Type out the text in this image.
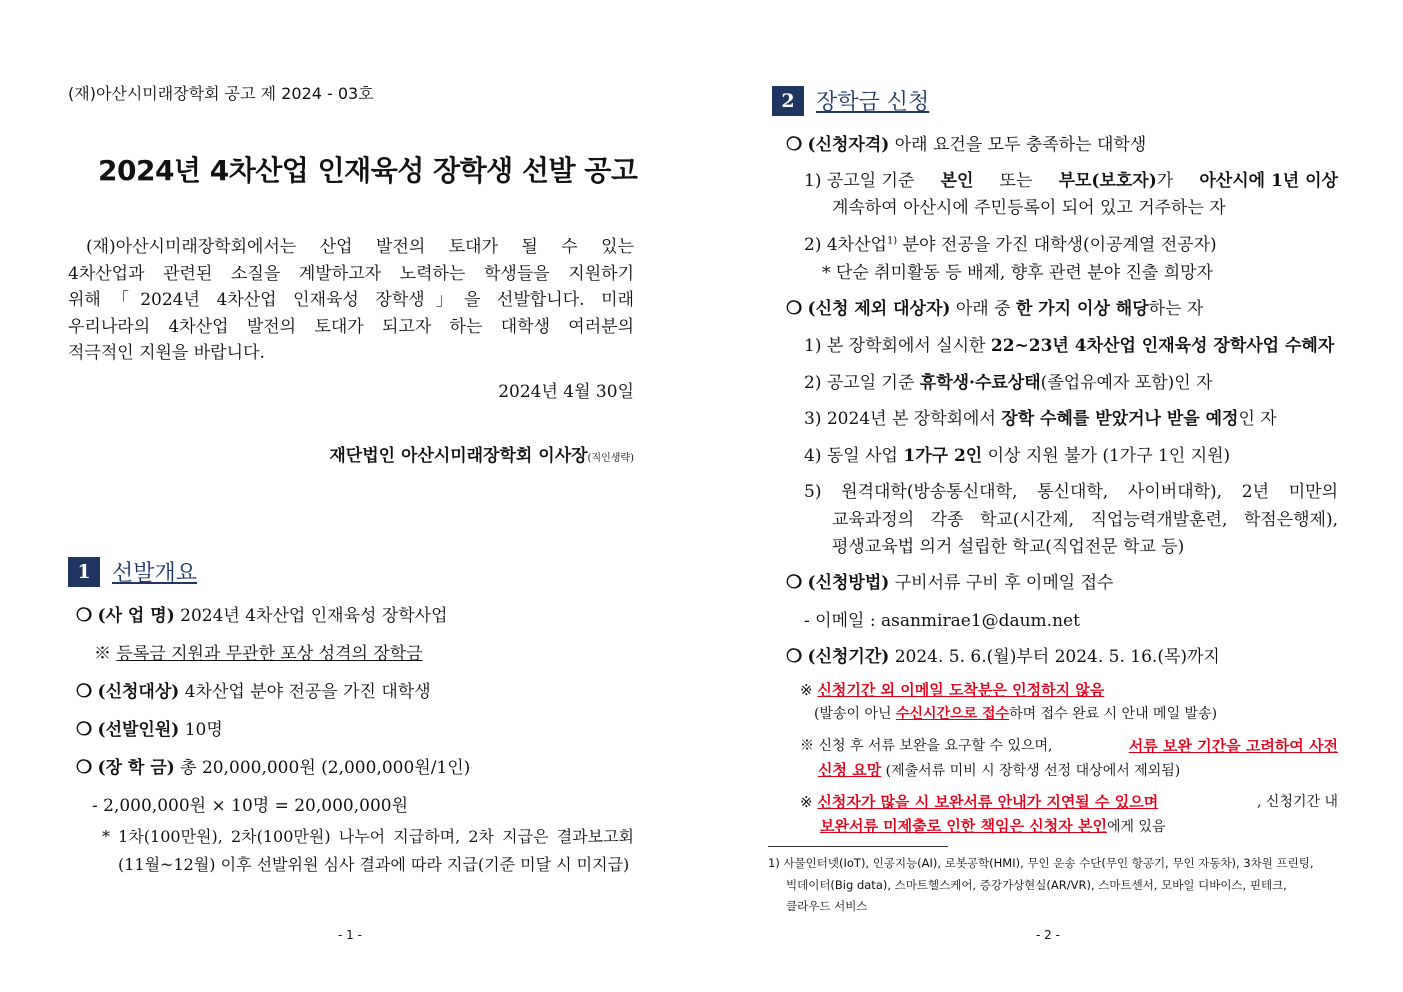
(재)아산시미래장학회 공고 제 2024 - 03호
2024년 4차산업 인재육성 장학생 선발 공고
(재)아산시미래장학회에서는 산업 발전의 토대가 될 수 있는
4차산업과 관련된 소질을 계발하고자 노력하는 학생들을 지원하기
위해「2024년 4차산업 인재육성 장학생」을 선발합니다. 미래
우리나라의 4차산업 발전의 토대가 되고자 하는 대학생 여러분의
적극적인 지원을 바랍니다.
2024년 4월 30일
재단법인 아산시미래장학회 이사장(직인생략)
1 선발개요
❍ (사 업 명) 2024년 4차산업 인재육성 장학사업
※ 등록금 지원과 무관한 포상 성격의 장학금
❍ (신청대상) 4차산업 분야 전공을 가진 대학생
❍ (선발인원) 10명
❍ (장 학 금) 총 20,000,000원 (2,000,000원/1인)
- 2,000,000원 × 10명 = 20,000,000원
* 1차(100만원), 2차(100만원) 나누어 지급하며, 2차 지급은 결과보고회
(11월~12월) 이후 선발위원 심사 결과에 따라 지급(기준 미달 시 미지급)
- 1 -
2 장학금 신청
❍ (신청자격) 아래 요건을 모두 충족하는 대학생
1) 공고일 기준 본인 또는 부모(보호자)가 아산시에 1년 이상
계속하여 아산시에 주민등록이 되어 있고 거주하는 자
2) 4차산업$^{1)}$ 분야 전공을 가진 대학생(이공계열 전공자)
* 단순 취미활동 등 배제, 향후 관련 분야 진출 희망자
❍ (신청 제외 대상자) 아래 중 한 가지 이상 해당하는 자
1) 본 장학회에서 실시한 22~23년 4차산업 인재육성 장학사업 수혜자
2) 공고일 기준 휴학생·수료상태(졸업유예자 포함)인 자
3) 2024년 본 장학회에서 장학 수혜를 받았거나 받을 예정인 자
4) 동일 사업 1가구 2인 이상 지원 불가 (1가구 1인 지원)
5) 원격대학(방송통신대학, 통신대학, 사이버대학), 2년 미만의
교육과정의 각종 학교(시간제, 직업능력개발훈련, 학점은행제),
평생교육법 의거 설립한 학교(직업전문 학교 등)
❍ (신청방법) 구비서류 구비 후 이메일 접수
- 이메일 : asanmirae1@daum.net
❍ (신청기간) 2024. 5. 6.(월)부터 2024. 5. 16.(목)까지
※ 신청기간 외 이메일 도착분은 인정하지 않음
(발송이 아닌 수신시간으로 접수하며 접수 완료 시 안내 메일 발송)
※ 신청 후 서류 보완을 요구할 수 있으며,	서류 보완 기간을 고려하여 사전
신청 요망 (제출서류 미비 시 장학생 선정 대상에서 제외됨)
※ 신청자가 많을 시 보완서류 안내가 지연될 수 있으며	, 신청기간 내
보완서류 미제출로 인한 책임은 신청자 본인에게 있음
1) 사물인터넷(IoT), 인공지능(AI), 로봇공학(HMI), 무인 운송 수단(무인 항공기, 무인 자동차), 3차원 프린팅,
빅데이터(Big data), 스마트헬스케어, 증강가상현실(AR/VR), 스마트센서, 모바일 디바이스, 핀테크,
클라우드 서비스
- 2 -
